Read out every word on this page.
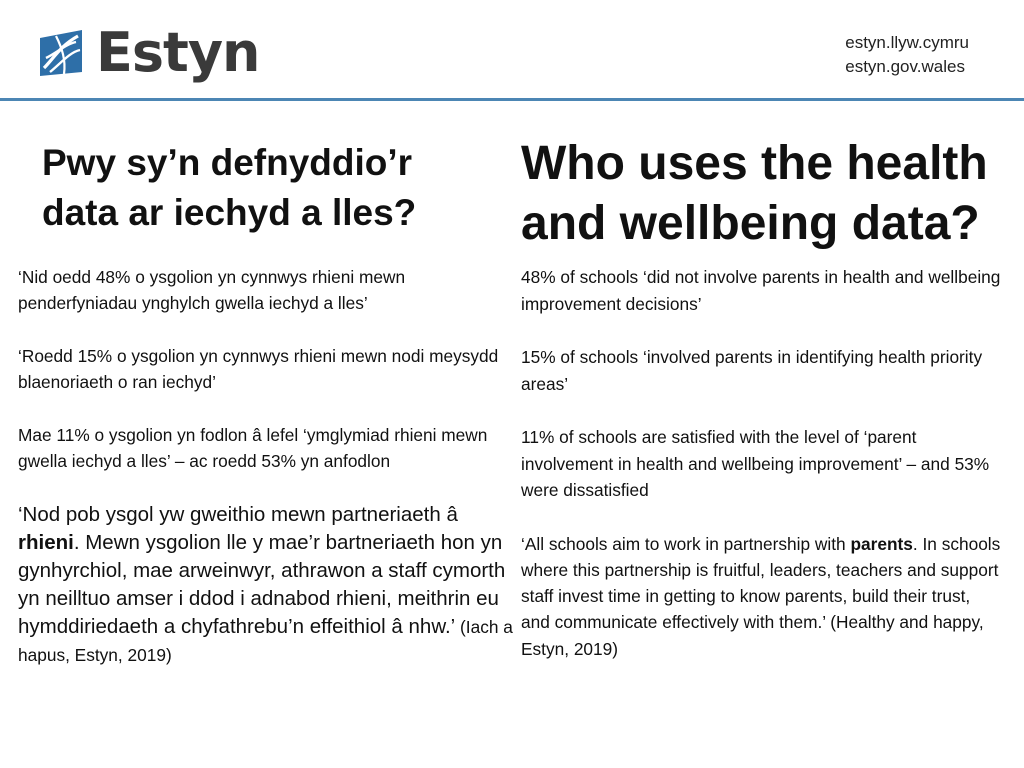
Estyn	estyn.llyw.cymru
estyn.gov.wales
Pwy sy’n defnyddio’r
data ar iechyd a lles?
Who uses the health
and wellbeing data?

‘Nid oedd 48% o ysgolion yn cynnwys rhieni mewn penderfyniadau ynghylch gwella iechyd a lles’

‘Roedd 15% o ysgolion yn cynnwys rhieni mewn nodi meysydd blaenoriaeth o ran iechyd’

Mae 11% o ysgolion yn fodlon â lefel ‘ymglymiad rhieni mewn gwella iechyd a lles’ – ac roedd 53% yn anfodlon

‘Nod pob ysgol yw gweithio mewn partneriaeth â rhieni. Mewn ysgolion lle y mae’r bartneriaeth hon yn gynhyrchiol, mae arweinwyr, athrawon a staff cymorth yn neilltuo amser i ddod i adnabod rhieni, meithrin eu hymddiriedaeth a chyfathrebu’n effeithiol â nhw.’ (Iach a hapus, Estyn, 2019)

48% of schools ‘did not involve parents in health and wellbeing improvement decisions’

15% of schools ‘involved parents in identifying health priority areas’

11% of schools are satisfied with the level of ‘parent involvement in health and wellbeing improvement’ – and 53% were dissatisfied

‘All schools aim to work in partnership with parents. In schools where this partnership is fruitful, leaders, teachers and support staff invest time in getting to know parents, build their trust, and communicate effectively with them.’ (Healthy and happy, Estyn, 2019)
